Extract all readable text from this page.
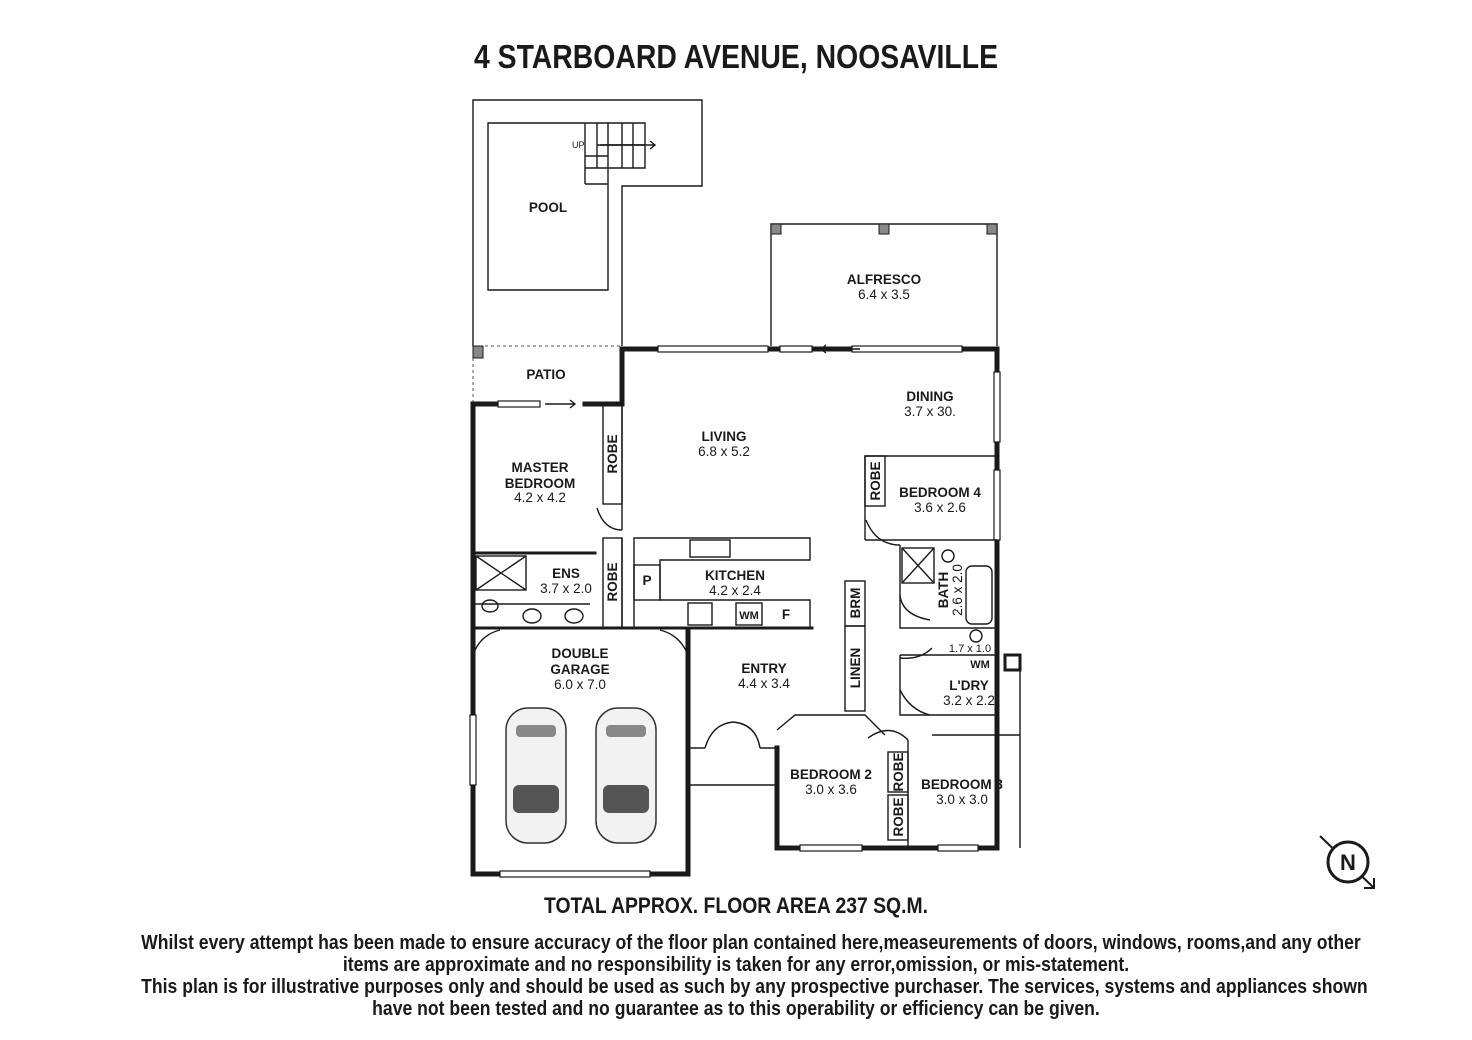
4 STARBOARD AVENUE, NOOSAVILLE
UP
POOL
PATIO
ALFRESCO
6.4 x 3.5
DINING
3.7 x 30.
LIVING
6.8 x 5.2
MASTER
BEDROOM
4.2 x 4.2
ROBE
ROBE BEDROOM 4
3.6 x 2.6
ENS
3.7 x 2.0 ROBE	KITCHEN
4.2 x 2.4
P
WM F
BATH 2.6 x 2.0
BRM
LINEN	1.7 x 1.0
WM
L'DRY
3.2 x 2.2
DOUBLE
GARAGE
6.0 x 7.0
ENTRY
4.4 x 3.4
BEDROOM 2
3.0 x 3.6	ROBE
ROBE
BEDROOM 3
3.0 x 3.0
N
TOTAL APPROX. FLOOR AREA 237 SQ.M.
Whilst every attempt has been made to ensure accuracy of the floor plan contained here,measeurements of doors, windows, rooms,and any other
items are approximate and no responsibility is taken for any error,omission, or mis-statement.
This plan is for illustrative purposes only and should be used as such by any prospective purchaser. The services, systems and appliances shown
have not been tested and no guarantee as to this operability or efficiency can be given.
